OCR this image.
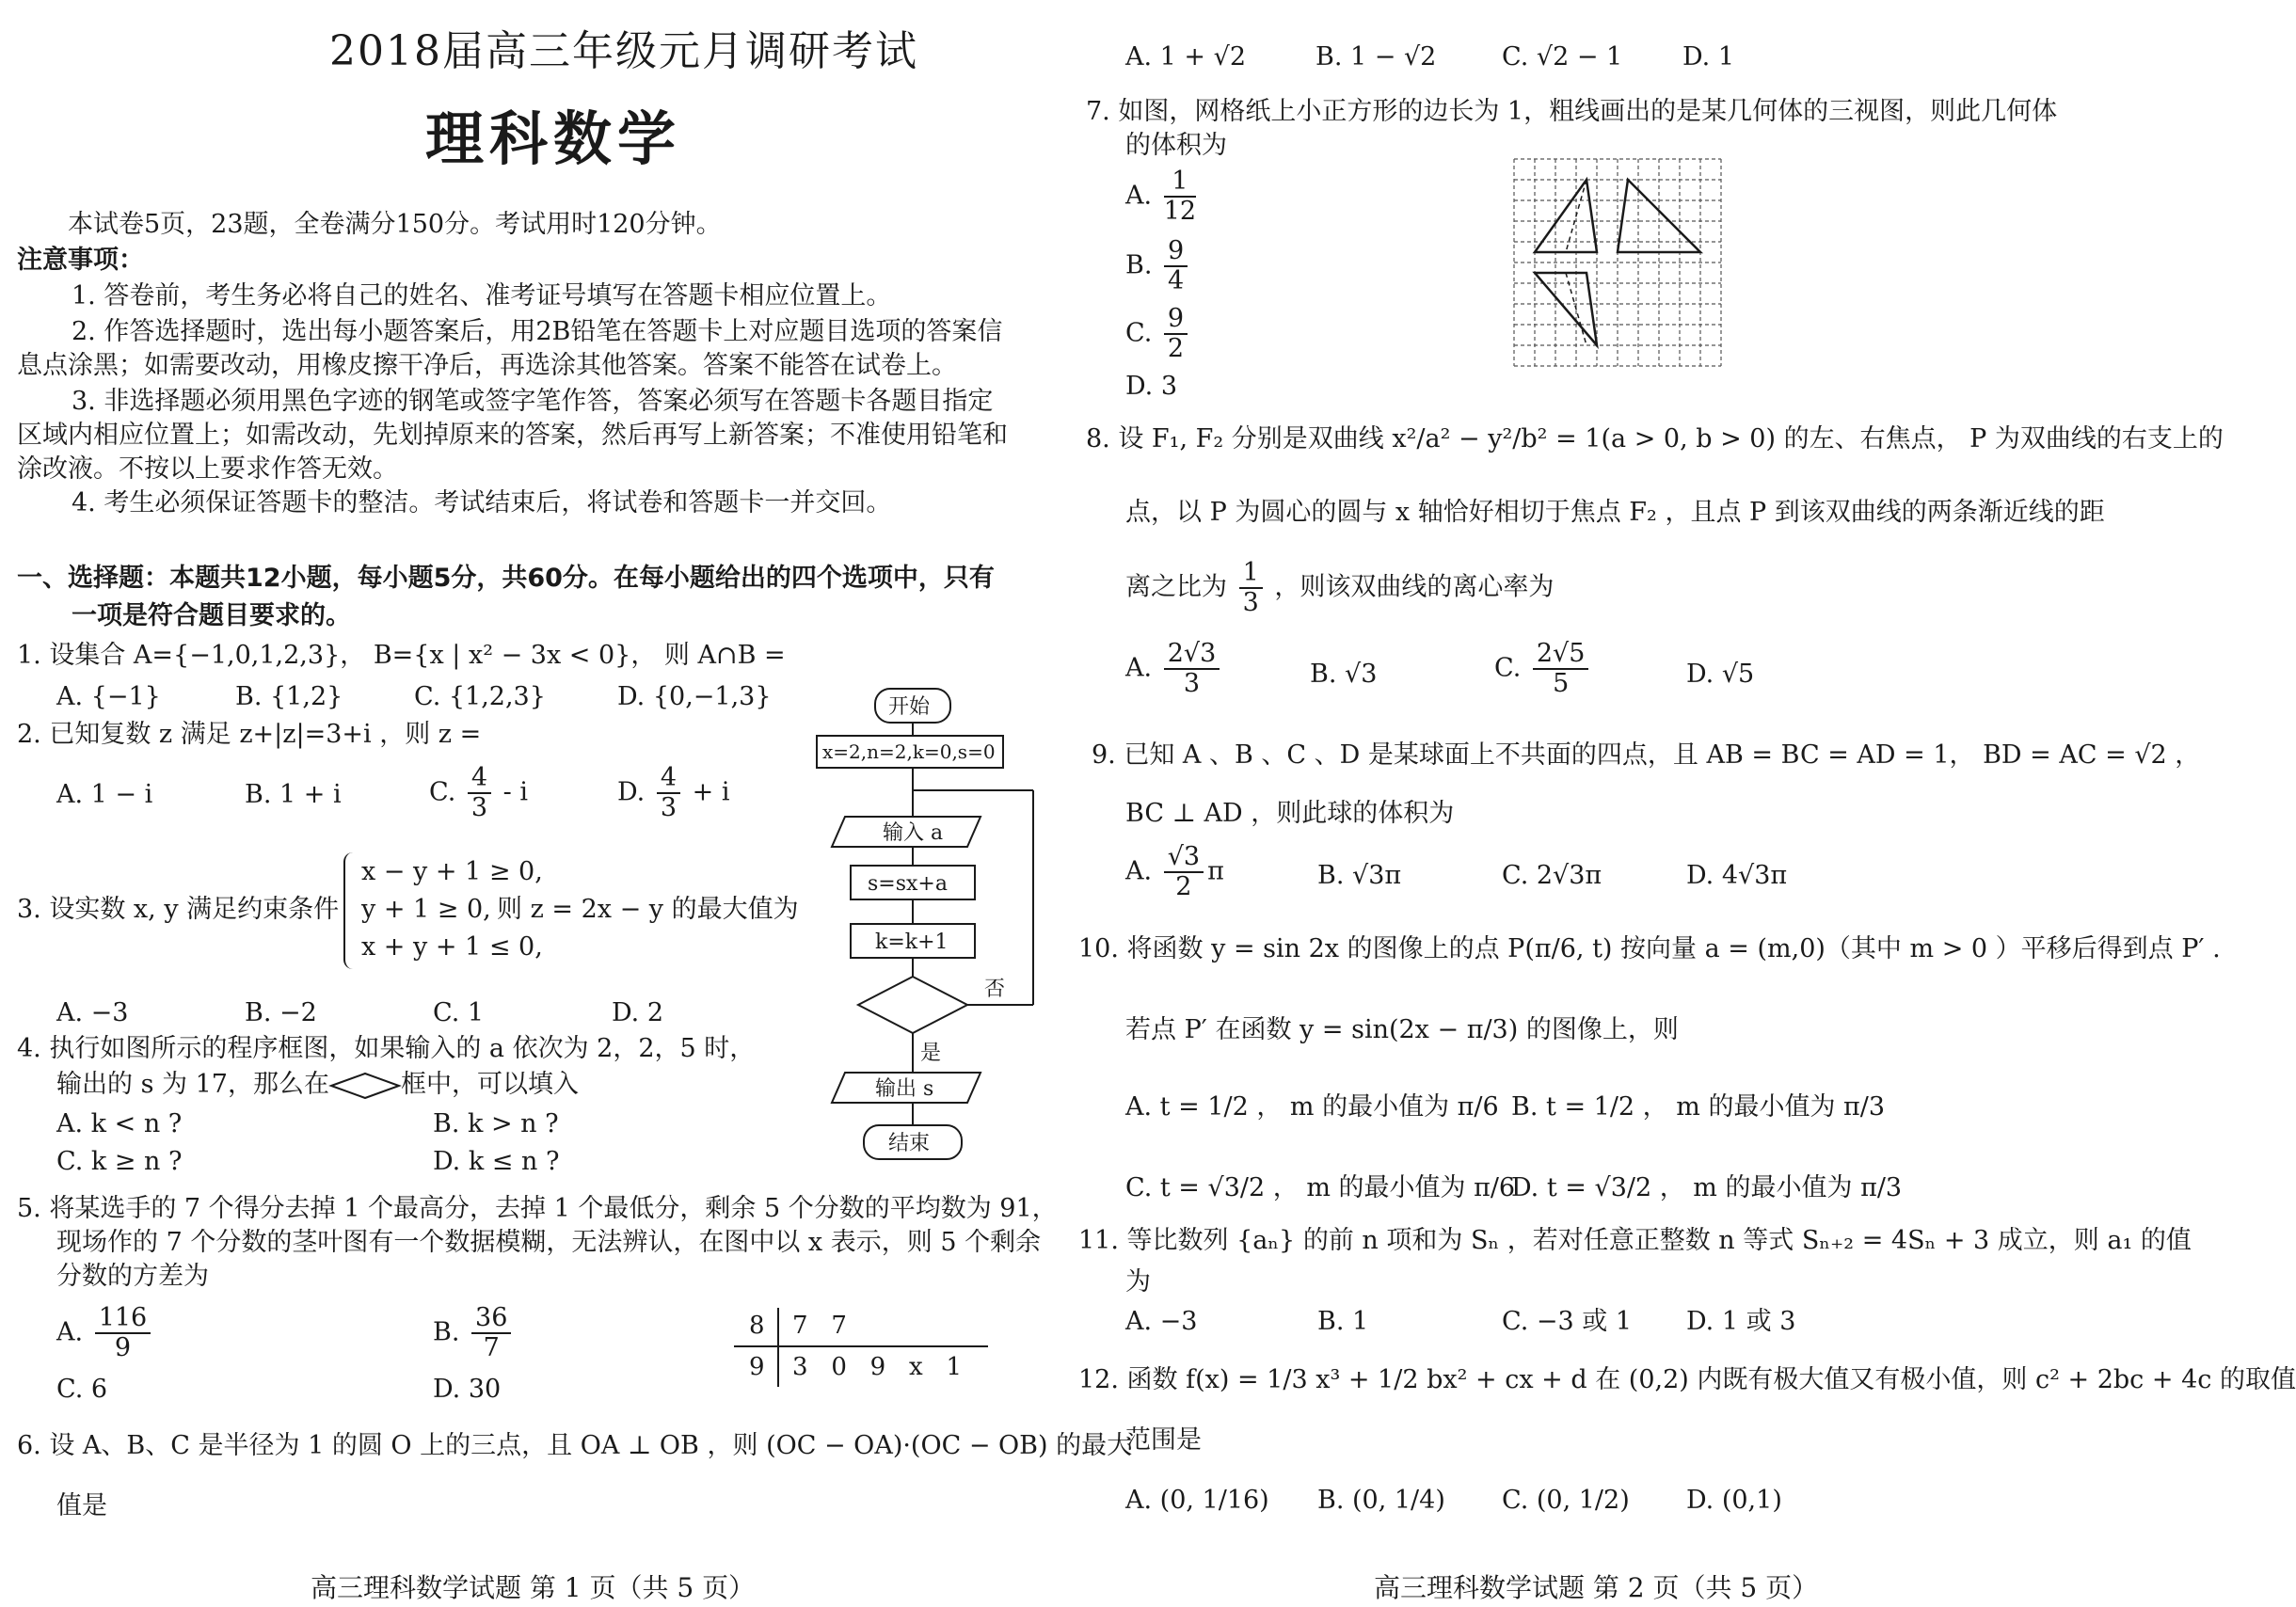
2018届高三年级元月调研考试
理科数学
本试卷5页，23题，全卷满分150分。考试用时120分钟。
注意事项：
1. 答卷前，考生务必将自己的姓名、准考证号填写在答题卡相应位置上。
2. 作答选择题时，选出每小题答案后，用2B铅笔在答题卡上对应题目选项的答案信
息点涂黑；如需要改动，用橡皮擦干净后，再选涂其他答案。答案不能答在试卷上。
3. 非选择题必须用黑色字迹的钢笔或签字笔作答，答案必须写在答题卡各题目指定
区域内相应位置上；如需改动，先划掉原来的答案，然后再写上新答案；不准使用铅笔和
涂改液。不按以上要求作答无效。
4. 考生必须保证答题卡的整洁。考试结束后，将试卷和答题卡一并交回。
一、选择题：本题共12小题，每小题5分，共60分。在每小题给出的四个选项中，只有
一项是符合题目要求的。
1. 设集合 A={−1,0,1,2,3}， B={x | x² − 3x < 0}， 则 A∩B =
A. {−1}	B. {1,2}	C. {1,2,3}	D. {0,−1,3}
2. 已知复数 z 满足 z+|z|=3+i ，则 z =
A. 1 − i	B. 1 + i	C. $\frac{4}{3}$ - i	D. $\frac{4}{3} + i$
3. 设实数 x, y 满足约束条件
x − y + 1 ≥ 0,
y + 1 ≥ 0,
x + y + 1 ≤ 0,
则 z = 2x − y 的最大值为
A. −3	B. −2	C. 1	D. 2
4. 执行如图所示的程序框图，如果输入的 a 依次为 2，2，5 时，
输出的 s 为 17，那么在	框中，可以填入
A. k < n ?	B. k > n ?
C. k ≥ n ?	D. k ≤ n ?
开始
x=2,n=2,k=0,s=0
输入 a
s=sx+a
k=k+1
否
是
输出 s
结束
5. 将某选手的 7 个得分去掉 1 个最高分，去掉 1 个最低分，剩余 5 个分数的平均数为 91，
现场作的 7 个分数的茎叶图有一个数据模糊，无法辨认，在图中以 x 表示，则 5 个剩余
分数的方差为
A. $\frac{116}{9}$	B. $\frac{36}{7}$
C. 6	D. 30
8 7   7
9 3   0   9   x   1
6. 设 A、B、C 是半径为 1 的圆 O 上的三点，且 OA ⊥ OB ，则 (OC − OA)·(OC − OB) 的最大
值是
高三理科数学试题 第 1 页（共 5 页）
A. 1 + √2	B. 1 − √2	C. √2 − 1 D. 1
7. 如图，网格纸上小正方形的边长为 1，粗线画出的是某几何体的三视图，则此几何体
的体积为
A. $\frac{1}{12}$
B. $\frac{9}{4}$
C. $\frac{9}{2}$
D. 3
8. 设 F₁, F₂ 分别是双曲线 x²/a² − y²/b² = 1(a > 0, b > 0) 的左、右焦点， P 为双曲线的右支上的
点，以 P 为圆心的圆与 x 轴恰好相切于焦点 F₂ ，且点 P 到该双曲线的两条渐近线的距
离之比为 $\frac{1}{3}$ ，则该双曲线的离心率为
A. $\frac{2√3}{3}$	B. √3	C. $\frac{2√5}{5}$	D. √5
9. 已知 A 、B 、C 、D 是某球面上不共面的四点，且 AB = BC = AD = 1， BD = AC = √2 ，
BC ⊥ AD ，则此球的体积为
A. $\frac{√3}{2}$ π	B. √3π	C. 2√3π	D. 4√3π
10. 将函数 y = sin 2x 的图像上的点 P(π/6, t) 按向量 a = (m,0)（其中 m > 0 ）平移后得到点 P′ .
若点 P′ 在函数 y = sin(2x − π/3) 的图像上，则
A. t = 1/2 ， m 的最小值为 π/6 B. t = 1/2 ， m 的最小值为 π/3
C. t = √3/2 ， m 的最小值为 π/6
D. t = √3/2 ， m 的最小值为 π/3
11. 等比数列 {aₙ} 的前 n 项和为 Sₙ ，若对任意正整数 n 等式 Sₙ₊₂ = 4Sₙ + 3 成立，则 a₁ 的值
为
A. −3	B. 1	C. −3 或 1 D. 1 或 3
12. 函数 f(x) = 1/3 x³ + 1/2 bx² + cx + d 在 (0,2) 内既有极大值又有极小值，则 c² + 2bc + 4c 的取值
范围是
A. (0, 1/16) B. (0, 1/4) C. (0, 1/2) D. (0,1)
高三理科数学试题 第 2 页（共 5 页）
